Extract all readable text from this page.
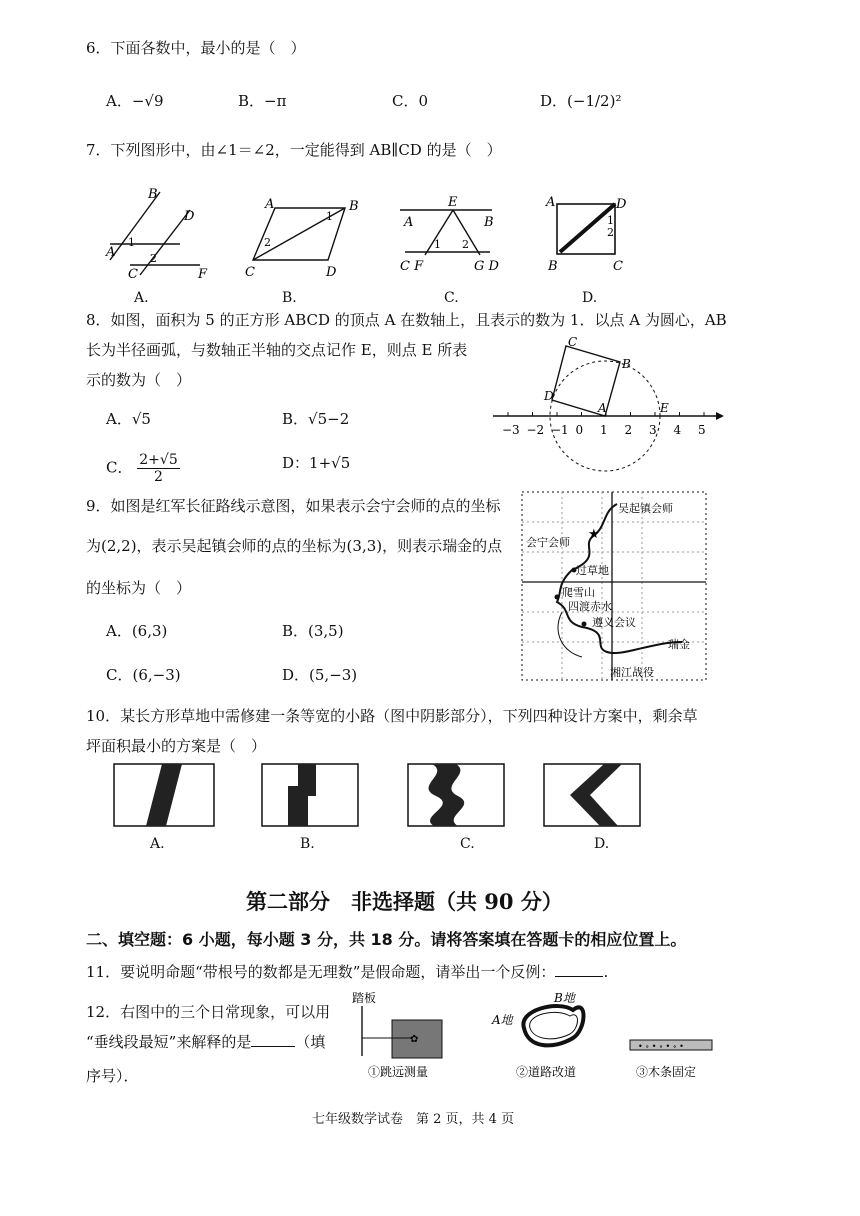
6．下面各数中，最小的是（　）
A．−√9	B．−π	C．0	D．(−1/2)²
7．下列图形中，由∠1＝∠2，一定能得到 AB∥CD 的是（　）
B
D
A
1
2
C	F
A	B
C	D
2
1
E
A	B
1 2
C F	G D
A	D
1
2
B	C
A.	B.	C.	D.
8．如图，面积为 5 的正方形 ABCD 的顶点 A 在数轴上，且表示的数为 1．以点 A 为圆心，AB
长为半径画弧，与数轴正半轴的交点记作 E，则点 E 所表
示的数为（　）
A．√5	B．√5−2
C． $\frac{2+√5}{2}$	D：1+√5
−3 −2 −1 0 1 2 3 4 5
C
B
D
A	E
9．如图是红军长征路线示意图，如果表示会宁会师的点的坐标
为(2,2)，表示吴起镇会师的点的坐标为(3,3)，则表示瑞金的点
的坐标为（　）
A．(6,3)	B．(3,5)
C．(6,−3)	D．(5,−3)
★
吴起镇会师
会宁会师
过草地
爬雪山
四渡赤水
遵义会议
瑞金
湘江战役
10．某长方形草地中需修建一条等宽的小路（图中阴影部分），下列四种设计方案中，剩余草
坪面积最小的方案是（　）
A.	B.	C.	D.
第二部分　非选择题（共 90 分）
二、填空题：6 小题，每小题 3 分，共 18 分。请将答案填在答题卡的相应位置上。
11．要说明命题“带根号的数都是无理数”是假命题，请举出一个反例：	.
12．右图中的三个日常现象，可以用
“垂线段最短”来解释的是	（填
序号）．
踏板
✿
A地
B地
• ∘ • ∘ • ∘ •
①跳远测量	②道路改道	③木条固定
七年级数学试卷　第 2 页，共 4 页
